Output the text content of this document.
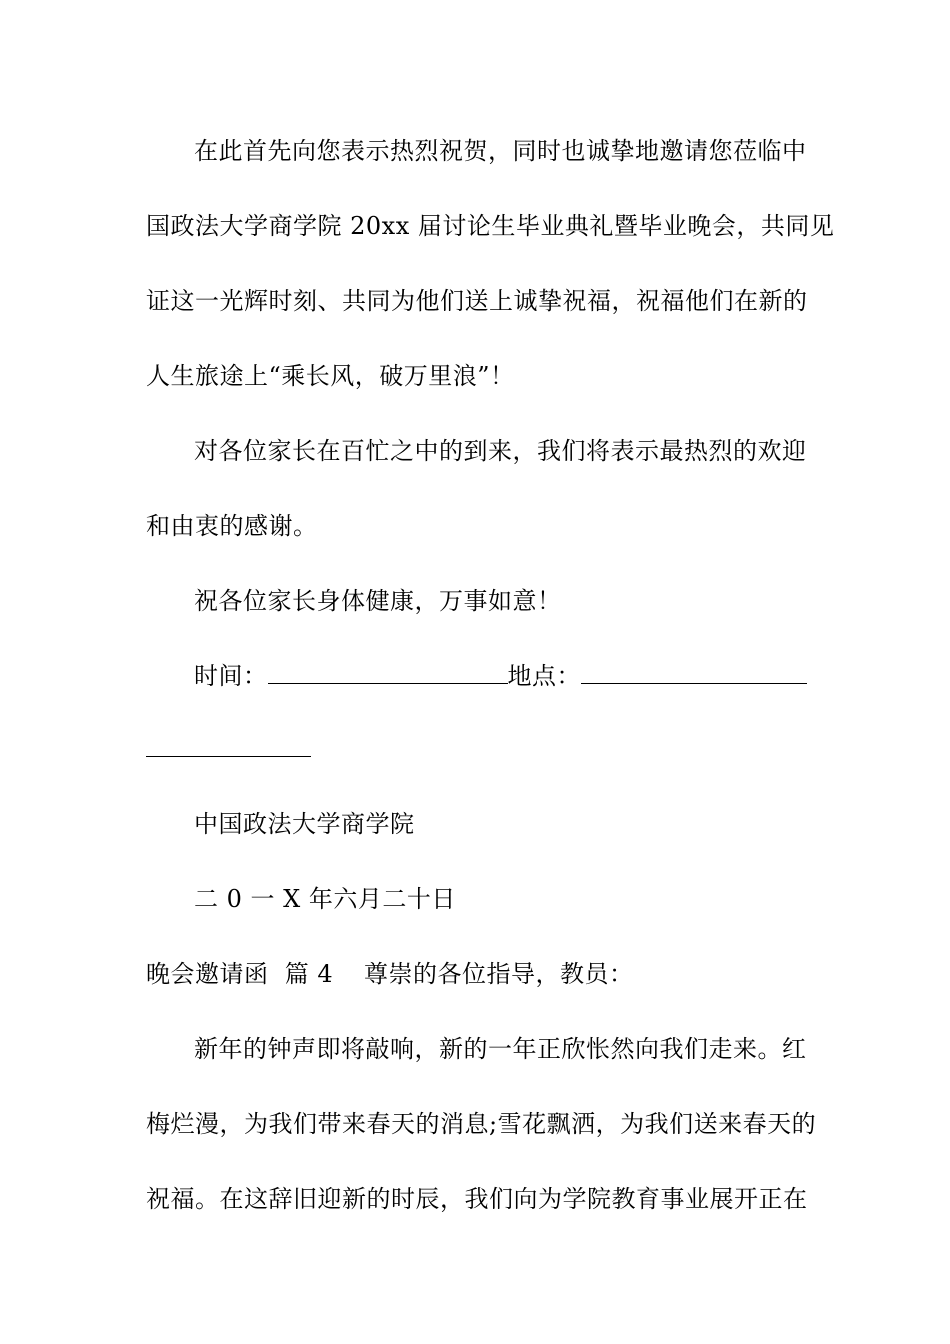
在此首先向您表示热烈祝贺，同时也诚挚地邀请您莅临中
国政法大学商学院 20xx 届讨论生毕业典礼暨毕业晚会，共同见
证这一光辉时刻、共同为他们送上诚挚祝福，祝福他们在新的
人生旅途上“乘长风，破万里浪”！
对各位家长在百忙之中的到来，我们将表示最热烈的欢迎
和由衷的感谢。
祝各位家长身体健康，万事如意！
时间：	地点：
中国政法大学商学院
二 0 一 X 年六月二十日
晚会邀请函  篇 4 尊崇的各位指导，教员：
新年的钟声即将敲响，新的一年正欣怅然向我们走来。红
梅烂漫，为我们带来春天的消息;雪花飘洒，为我们送来春天的
祝福。在这辞旧迎新的时辰，我们向为学院教育事业展开正在
